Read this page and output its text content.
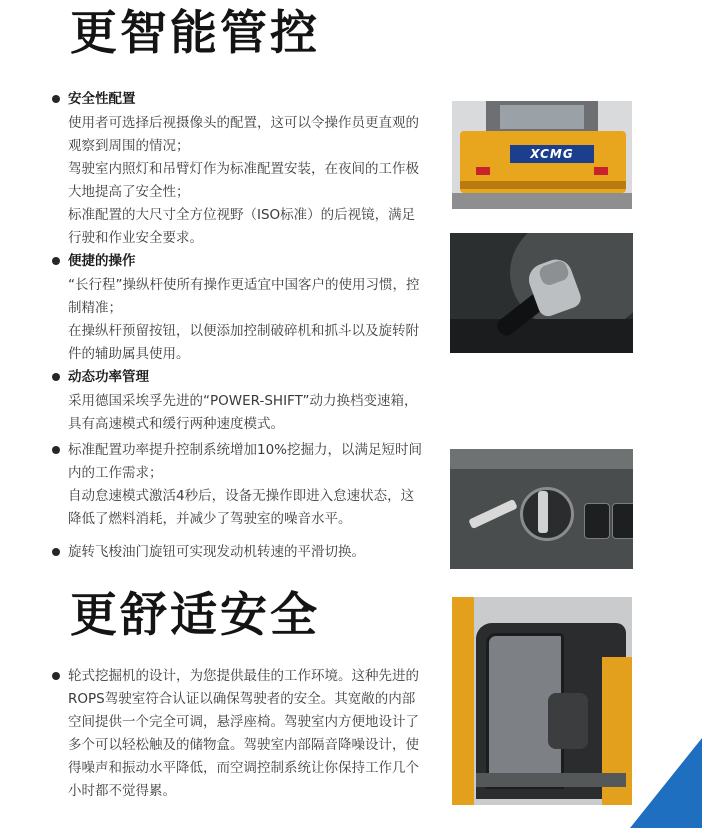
更智能管控
安全性配置

使用者可选择后视摄像头的配置，这可以令操作员更直观的观察到周围的情况；

驾驶室内照灯和吊臂灯作为标准配置安装，在夜间的工作极大地提高了安全性；

标准配置的大尺寸全方位视野（ISO标准）的后视镜，满足行驶和作业安全要求。

便捷的操作

“长行程”操纵杆使所有操作更适宜中国客户的使用习惯，控制精准；

在操纵杆预留按钮，以便添加控制破碎机和抓斗以及旋转附件的辅助属具使用。

动态功率管理

采用德国采埃孚先进的“POWER-SHIFT”动力换档变速箱，具有高速模式和缓行两种速度模式。

标准配置功率提升控制系统增加10%挖掘力，以满足短时间内的工作需求；

自动怠速模式激活4秒后，设备无操作即进入怠速状态，这降低了燃料消耗，并减少了驾驶室的噪音水平。

旋转飞梭油门旋钮可实现发动机转速的平滑切换。

更舒适安全

轮式挖掘机的设计，为您提供最佳的工作环境。这种先进的ROPS驾驶室符合认证以确保驾驶者的安全。其宽敞的内部空间提供一个完全可调，悬浮座椅。驾驶室内方便地设计了多个可以轻松触及的储物盒。驾驶室内部隔音降噪设计，使得噪声和振动水平降低，而空调控制系统让你保持工作几个小时都不觉得累。

XCMG
